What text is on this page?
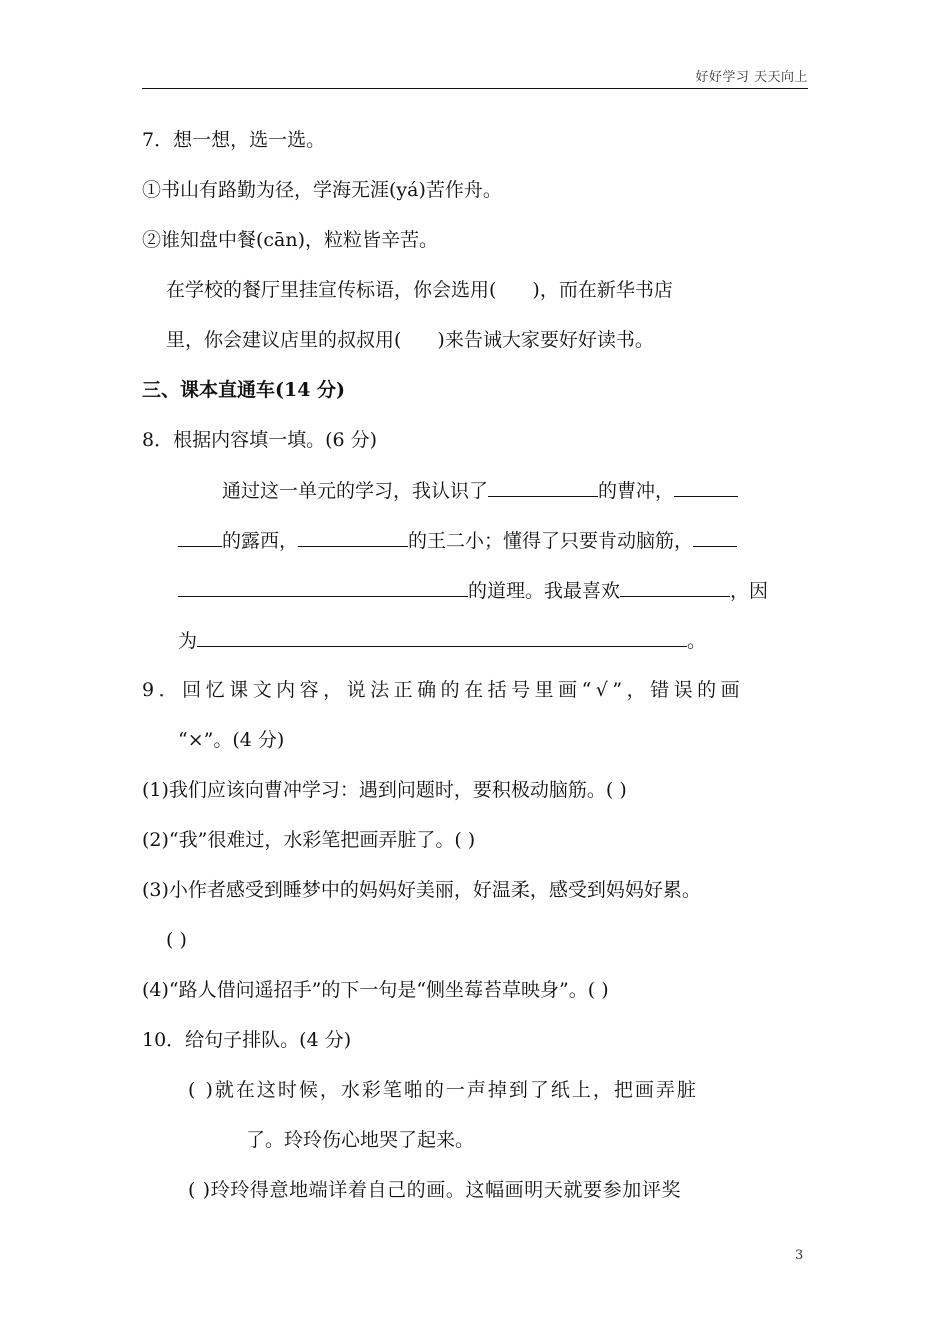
好好学习 天天向上
7．想一想，选一选。
①书山有路勤为径，学海无涯(yá)苦作舟。
②谁知盘中餐(cān)，粒粒皆辛苦。
在学校的餐厅里挂宣传标语，你会选用( )，而在新华书店
里，你会建议店里的叔叔用( )来告诫大家要好好读书。
三、课本直通车(14 分)
8．根据内容填一填。(6 分)
通过这一单元的学习，我认识了	的曹冲，
的露西，	的王二小；懂得了只要肯动脑筋，
的道理。我最喜欢	，因
为	。
9．回忆课文内容，说法正确的在括号里画“√”，错误的画
“×”。(4 分)
(1)我们应该向曹冲学习：遇到问题时，要积极动脑筋。( )
(2)“我”很难过，水彩笔把画弄脏了。( )
(3)小作者感受到睡梦中的妈妈好美丽，好温柔，感受到妈妈好累。
( )
(4)“路人借问遥招手”的下一句是“侧坐莓苔草映身”。( )
10．给句子排队。(4 分)
( )就在这时候，水彩笔啪的一声掉到了纸上，把画弄脏
了。玲玲伤心地哭了起来。
( )玲玲得意地端详着自己的画。这幅画明天就要参加评奖
3
